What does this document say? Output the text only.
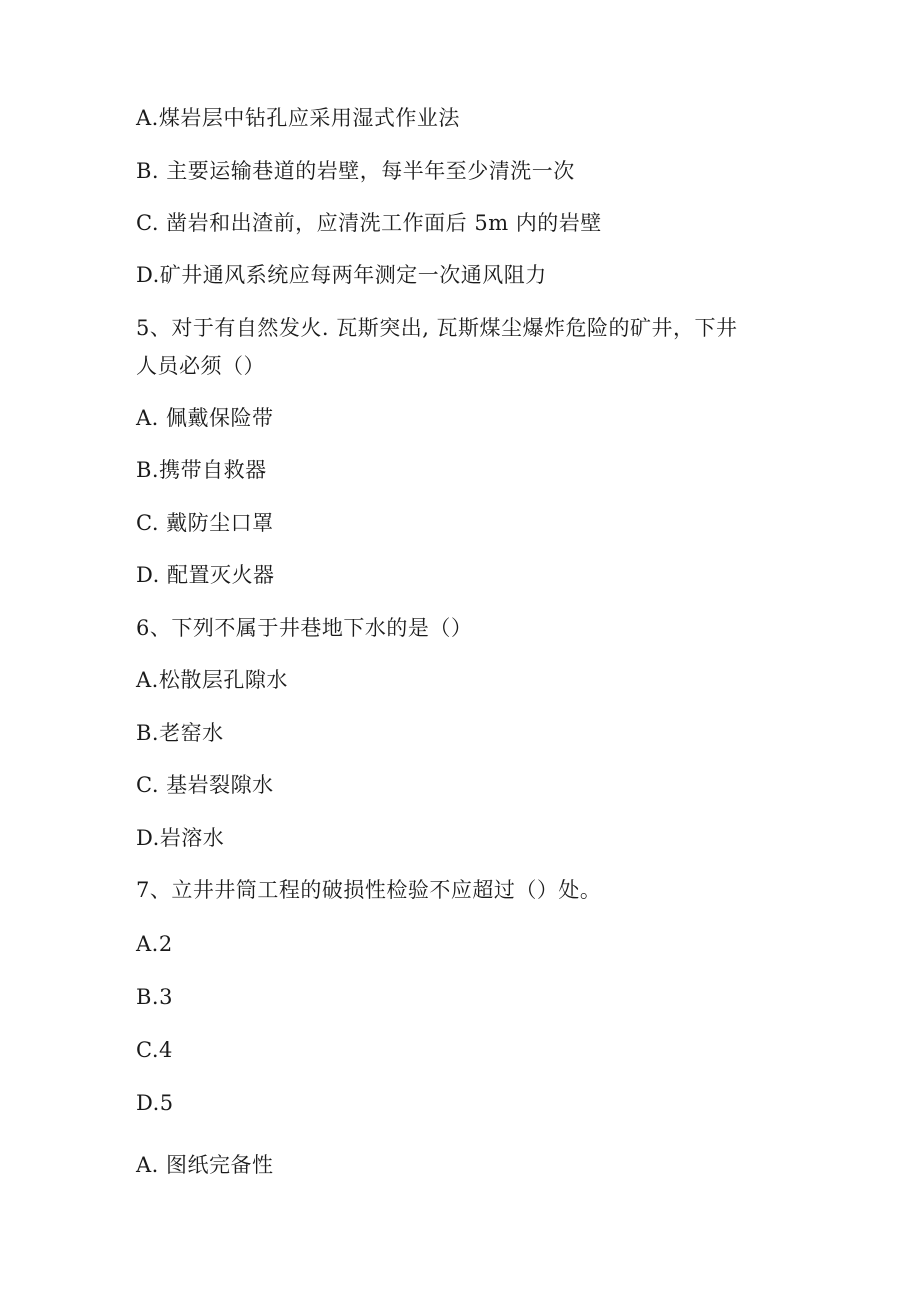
A.煤岩层中钻孔应采用湿式作业法
B. 主要运输巷道的岩壁，每半年至少清洗一次
C. 凿岩和出渣前，应清洗工作面后 5m 内的岩壁
D.矿井通风系统应每两年测定一次通风阻力
5、对于有自然发火. 瓦斯突出, 瓦斯煤尘爆炸危险的矿井，下井
人员必须（）
A. 佩戴保险带
B.携带自救器
C. 戴防尘口罩
D. 配置灭火器
6、下列不属于井巷地下水的是（）
A.松散层孔隙水
B.老窑水
C. 基岩裂隙水
D.岩溶水
7、立井井筒工程的破损性检验不应超过（）处。
A.2
B.3
C.4
D.5
A. 图纸完备性
